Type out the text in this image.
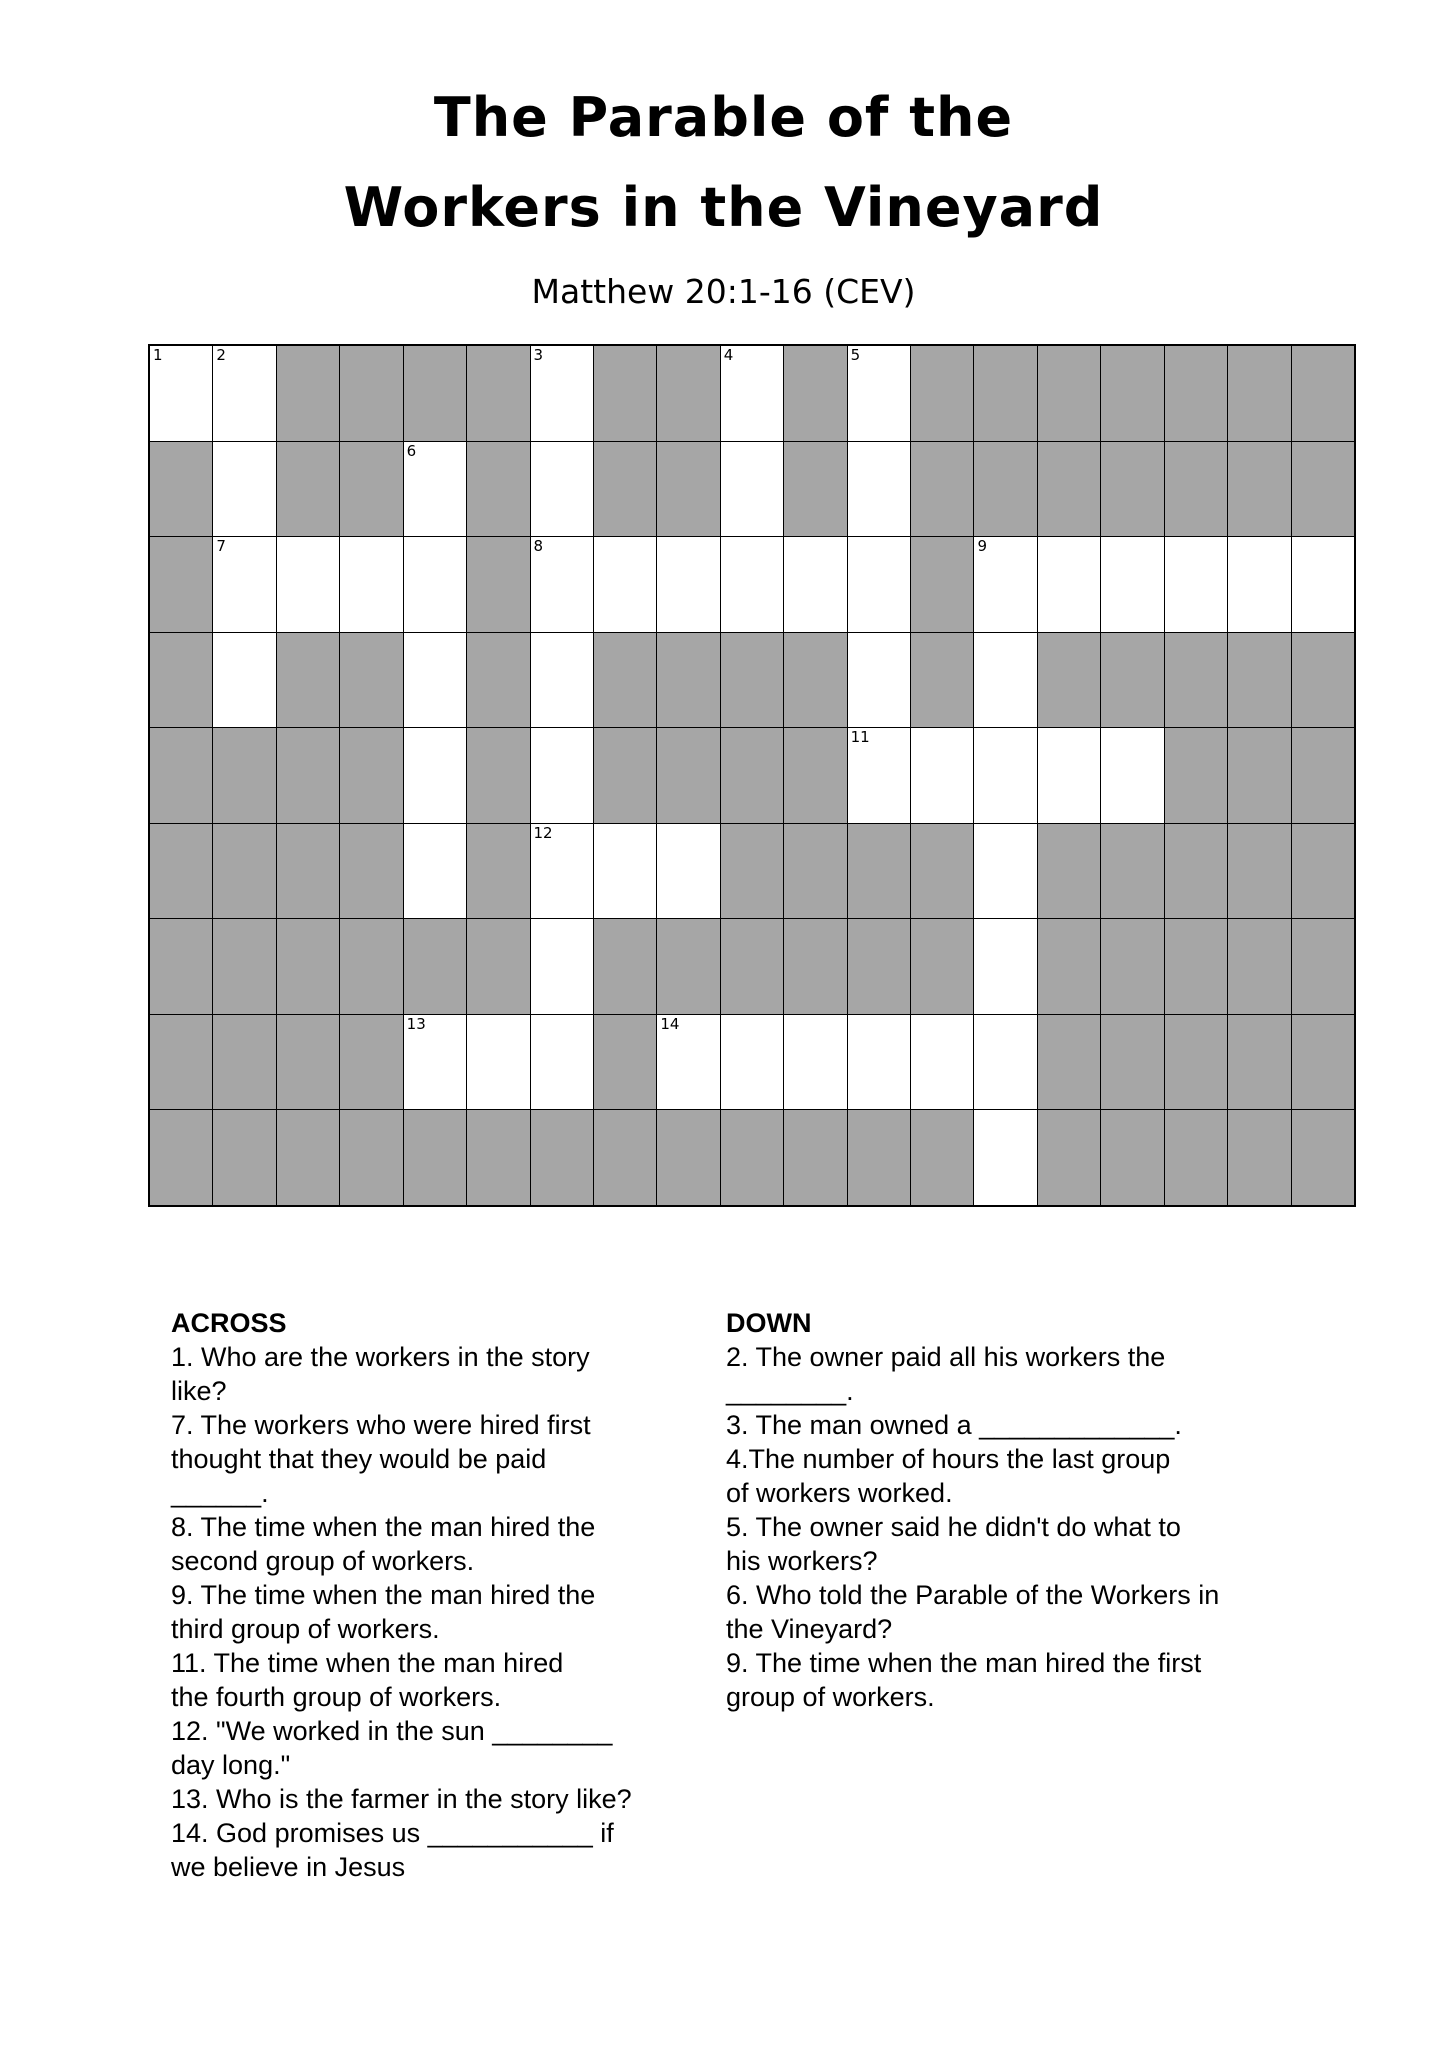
The Parable of the
Workers in the Vineyard
Matthew 20:1-16 (CEV)
1	2	3	4	5
6
7	8	9
11
12
13	14
ACROSS
1. Who are the workers in the story
like?
7. The workers who were hired first
thought that they would be paid
______.
8. The time when the man hired the
second group of workers.
9. The time when the man hired the
third group of workers.
11. The time when the man hired
the fourth group of workers.
12. "We worked in the sun ________
day long."
13. Who is the farmer in the story like?
14. God promises us ___________ if
we believe in Jesus
DOWN
2. The owner paid all his workers the
________.
3. The man owned a _____________.
4.The number of hours the last group
of workers worked.
5. The owner said he didn't do what to
his workers?
6. Who told the Parable of the Workers in
the Vineyard?
9. The time when the man hired the first
group of workers.
